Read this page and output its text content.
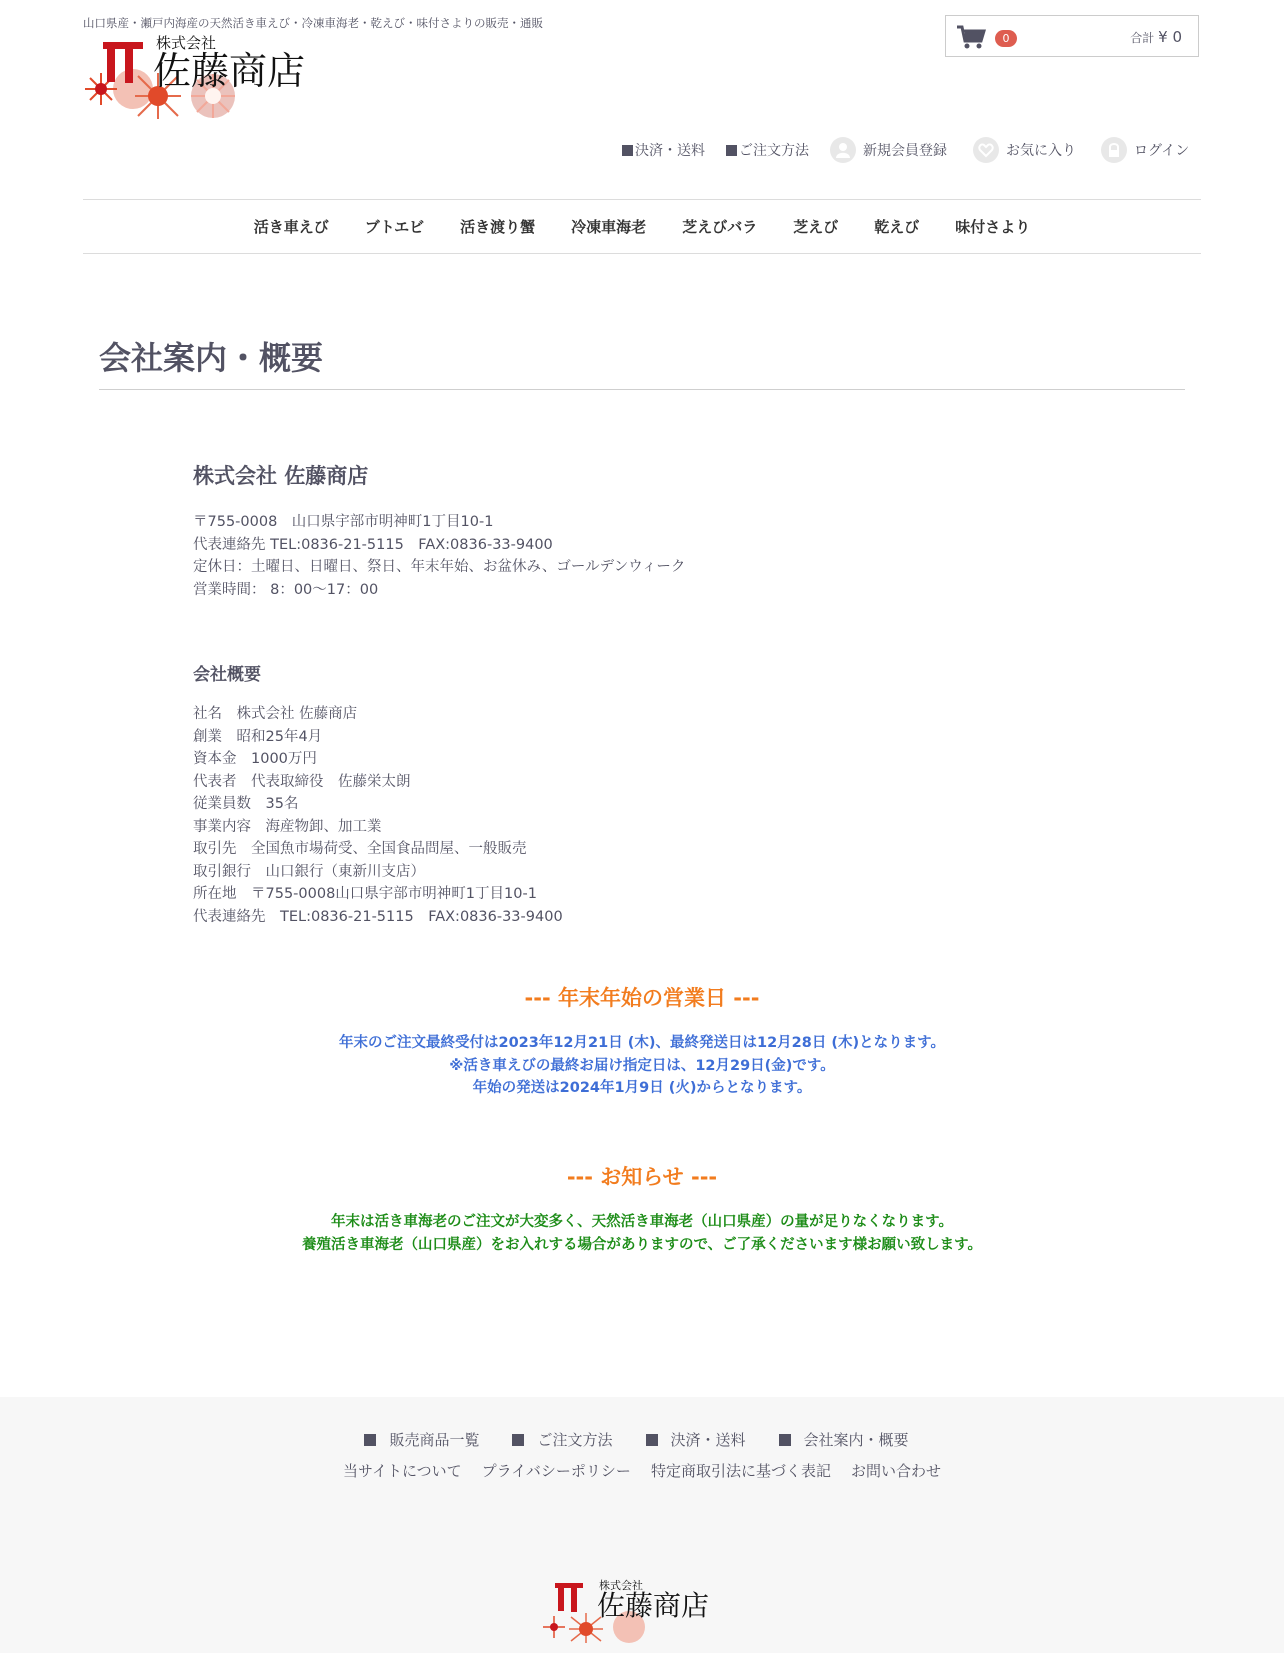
山口県産・瀬戸内海産の天然活き車えび・冷凍車海老・乾えび・味付さよりの販売・通販
株式会社
佐藤商店
0	合計 ¥ 0
決済・送料 ご注文方法	新規会員登録	お気に入り	ログイン
活き車えび ブトエビ 活き渡り蟹 冷凍車海老 芝えびバラ 芝えび 乾えび 味付さより
会社案内・概要
株式会社 佐藤商店
〒755-0008　山口県宇部市明神町1丁目10-1
代表連絡先 TEL:0836-21-5115　FAX:0836-33-9400
定休日：土曜日、日曜日、祭日、年末年始、お盆休み、ゴールデンウィーク
営業時間： 8：00〜17：00
会社概要
社名　株式会社 佐藤商店
創業　昭和25年4月
資本金　1000万円
代表者　代表取締役　佐藤栄太朗
従業員数　35名
事業内容　海産物卸、加工業
取引先　全国魚市場荷受、全国食品問屋、一般販売
取引銀行　山口銀行（東新川支店）
所在地　〒755-0008山口県宇部市明神町1丁目10-1
代表連絡先　TEL:0836-21-5115　FAX:0836-33-9400
--- 年末年始の営業日 ---
年末のご注文最終受付は2023年12月21日 (木)、最終発送日は12月28日 (木)となります。
※活き車えびの最終お届け指定日は、12月29日(金)です。
年始の発送は2024年1月9日 (火)からとなります。
--- お知らせ ---
年末は活き車海老のご注文が大変多く、天然活き車海老（山口県産）の量が足りなくなります。
養殖活き車海老（山口県産）をお入れする場合がありますので、ご了承くださいます様お願い致します。
販売商品一覧	ご注文方法	決済・送料	会社案内・概要
当サイトについて プライバシーポリシー 特定商取引法に基づく表記 お問い合わせ
株式会社
佐藤商店
